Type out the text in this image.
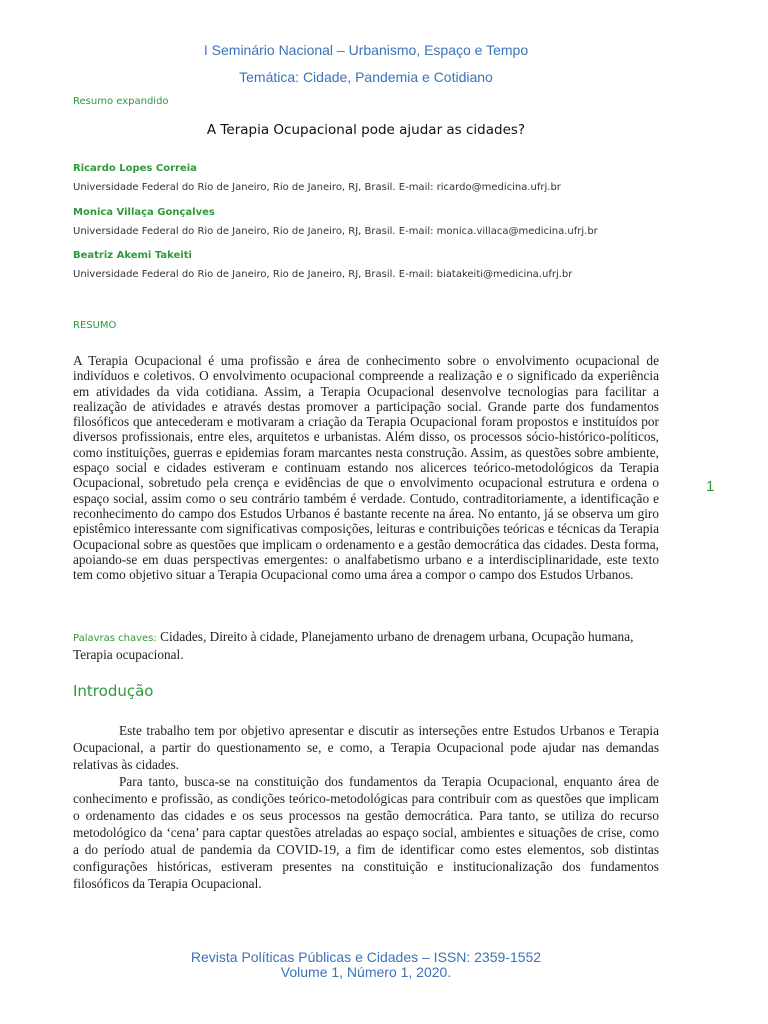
I Seminário Nacional – Urbanismo, Espaço e Tempo
Temática: Cidade, Pandemia e Cotidiano
Resumo expandido
A Terapia Ocupacional pode ajudar as cidades?
Ricardo Lopes Correia
Universidade Federal do Rio de Janeiro, Rio de Janeiro, RJ, Brasil. E-mail: ricardo@medicina.ufrj.br
Monica Villaça Gonçalves
Universidade Federal do Rio de Janeiro, Rio de Janeiro, RJ, Brasil. E-mail: monica.villaca@medicina.ufrj.br
Beatriz Akemi Takeiti
Universidade Federal do Rio de Janeiro, Rio de Janeiro, RJ, Brasil. E-mail: biatakeiti@medicina.ufrj.br
RESUMO
A Terapia Ocupacional é uma profissão e área de conhecimento sobre o envolvimento ocupacional de indivíduos e coletivos. O envolvimento ocupacional compreende a realização e o significado da experiência em atividades da vida cotidiana. Assim, a Terapia Ocupacional desenvolve tecnologias para facilitar a realização de atividades e através destas promover a participação social. Grande parte dos fundamentos filosóficos que antecederam e motivaram a criação da Terapia Ocupacional foram propostos e instituídos por diversos profissionais, entre eles, arquitetos e urbanistas. Além disso, os processos sócio-histórico-políticos, como instituições, guerras e epidemias foram marcantes nesta construção. Assim, as questões sobre ambiente, espaço social e cidades estiveram e continuam estando nos alicerces teórico-metodológicos da Terapia Ocupacional, sobretudo pela crença e evidências de que o envolvimento ocupacional estrutura e ordena o espaço social, assim como o seu contrário também é verdade. Contudo, contraditoriamente, a identificação e reconhecimento do campo dos Estudos Urbanos é bastante recente na área. No entanto, já se observa um giro epistêmico interessante com significativas composições, leituras e contribuições teóricas e técnicas da Terapia Ocupacional sobre as questões que implicam o ordenamento e a gestão democrática das cidades. Desta forma, apoiando-se em duas perspectivas emergentes: o analfabetismo urbano e a interdisciplinaridade, este texto tem como objetivo situar a Terapia Ocupacional como uma área a compor o campo dos Estudos Urbanos.
Palavras chaves: Cidades, Direito à cidade, Planejamento urbano de drenagem urbana, Ocupação humana, Terapia ocupacional.
Introdução

Este trabalho tem por objetivo apresentar e discutir as interseções entre Estudos Urbanos e Terapia Ocupacional, a partir do questionamento se, e como, a Terapia Ocupacional pode ajudar nas demandas relativas às cidades.

Para tanto, busca-se na constituição dos fundamentos da Terapia Ocupacional, enquanto área de conhecimento e profissão, as condições teórico-metodológicas para contribuir com as questões que implicam o ordenamento das cidades e os seus processos na gestão democrática. Para tanto, se utiliza do recurso metodológico da ‘cena’ para captar questões atreladas ao espaço social, ambientes e situações de crise, como a do período atual de pandemia da COVID-19, a fim de identificar como estes elementos, sob distintas configurações históricas, estiveram presentes na constituição e institucionalização dos fundamentos filosóficos da Terapia Ocupacional.

1
Revista Políticas Públicas e Cidades – ISSN: 2359-1552
Volume 1, Número 1, 2020.
